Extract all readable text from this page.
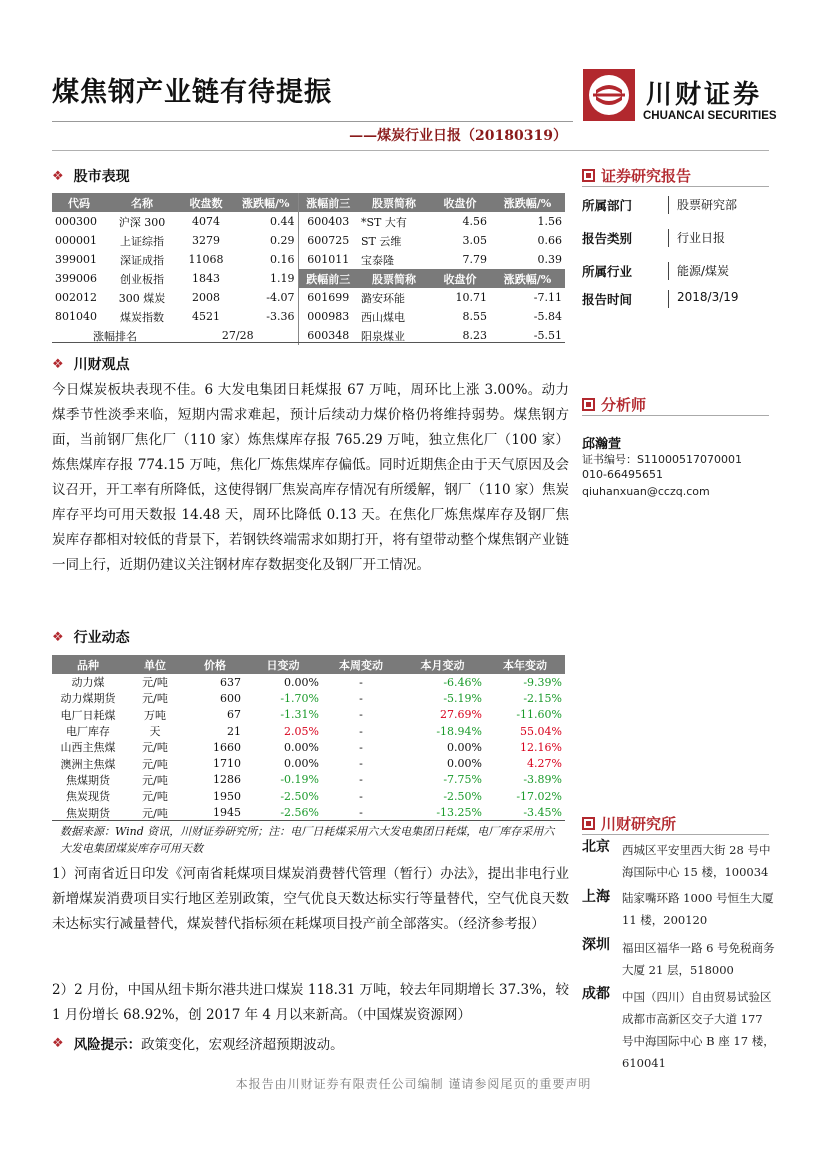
煤焦钢产业链有待提振	川财证券
CHUANCAI SECURITIES
——煤炭行业日报（20180319）
❖ 股市表现
代码	名称	收盘数	涨跌幅/%	涨幅前三	股票简称	收盘价	涨跌幅/%
000300	沪深 300	4074	0.44	600403	*ST 大有	4.56	1.56
000001	上证综指	3279	0.29	600725	ST 云维	3.05	0.66
399001	深证成指	11068	0.16	601011	宝泰隆	7.79	0.39
399006	创业板指	1843	1.19	跌幅前三	股票简称	收盘价	涨跌幅/%
002012	300 煤炭	2008	-4.07	601699	潞安环能	10.71	-7.11
801040	煤炭指数	4521	-3.36	000983	西山煤电	8.55	-5.84
涨幅排名		27/28		600348	阳泉煤业	8.23	-5.51
❖ 川财观点
今日煤炭板块表现不佳。6 大发电集团日耗煤报 67 万吨，周环比上涨 3.00%。动力煤季节性淡季来临，短期内需求难起，预计后续动力煤价格仍将维持弱势。煤焦钢方面，当前钢厂焦化厂（110 家）炼焦煤库存报 765.29 万吨，独立焦化厂（100 家）炼焦煤库存报 774.15 万吨，焦化厂炼焦煤库存偏低。同时近期焦企由于天气原因及会议召开，开工率有所降低，这使得钢厂焦炭高库存情况有所缓解，钢厂（110 家）焦炭库存平均可用天数报 14.48 天，周环比降低 0.13 天。在焦化厂炼焦煤库存及钢厂焦炭库存都相对较低的背景下，若钢铁终端需求如期打开，将有望带动整个煤焦钢产业链一同上行，近期仍建议关注钢材库存数据变化及钢厂开工情况。
❖ 行业动态
品种	单位	价格	日变动	本周变动	本月变动	本年变动
动力煤	元/吨	637	0.00%	-	-6.46%	-9.39%
动力煤期货	元/吨	600	-1.70%	-	-5.19%	-2.15%
电厂日耗煤	万吨	67	-1.31%	-	27.69%	-11.60%
电厂库存	天	21	2.05%	-	-18.94%	55.04%
山西主焦煤	元/吨	1660	0.00%	-	0.00%	12.16%
澳洲主焦煤	元/吨	1710	0.00%	-	0.00%	4.27%
焦煤期货	元/吨	1286	-0.19%	-	-7.75%	-3.89%
焦炭现货	元/吨	1950	-2.50%	-	-2.50%	-17.02%
焦炭期货	元/吨	1945	-2.56%	-	-13.25%	-3.45%
数据来源：Wind 资讯，川财证券研究所；注：电厂日耗煤采用六大发电集团日耗煤，电厂库存采用六大发电集团煤炭库存可用天数
1）河南省近日印发《河南省耗煤项目煤炭消费替代管理（暂行）办法》，提出非电行业新增煤炭消费项目实行地区差别政策，空气优良天数达标实行等量替代，空气优良天数未达标实行减量替代，煤炭替代指标须在耗煤项目投产前全部落实。（经济参考报）
2）2 月份，中国从纽卡斯尔港共进口煤炭 118.31 万吨，较去年同期增长 37.3%，较 1 月份增长 68.92%，创 2017 年 4 月以来新高。（中国煤炭资源网）
❖ 风险提示： 政策变化，宏观经济超预期波动。
本报告由川财证券有限责任公司编制 谨请参阅尾页的重要声明
证券研究报告
所属部门	股票研究部
报告类别	行业日报
所属行业	能源/煤炭
报告时间	2018/3/19
分析师
邱瀚萱
证书编号：S1100051707000​1
010-66495651
qiuhanxuan@cczq.com
川财研究所
北京 西城区平安里西大街 28 号中海国际中心 15 楼，100034
上海 陆家嘴环路 1000 号恒生大厦 11 楼，200120
深圳 福田区福华一路 6 号免税商务大厦 21 层，518000
成都 中国（四川）自由贸易试验区成都市高新区交子大道 177 号中海国际中心 B 座 17 楼，610041
